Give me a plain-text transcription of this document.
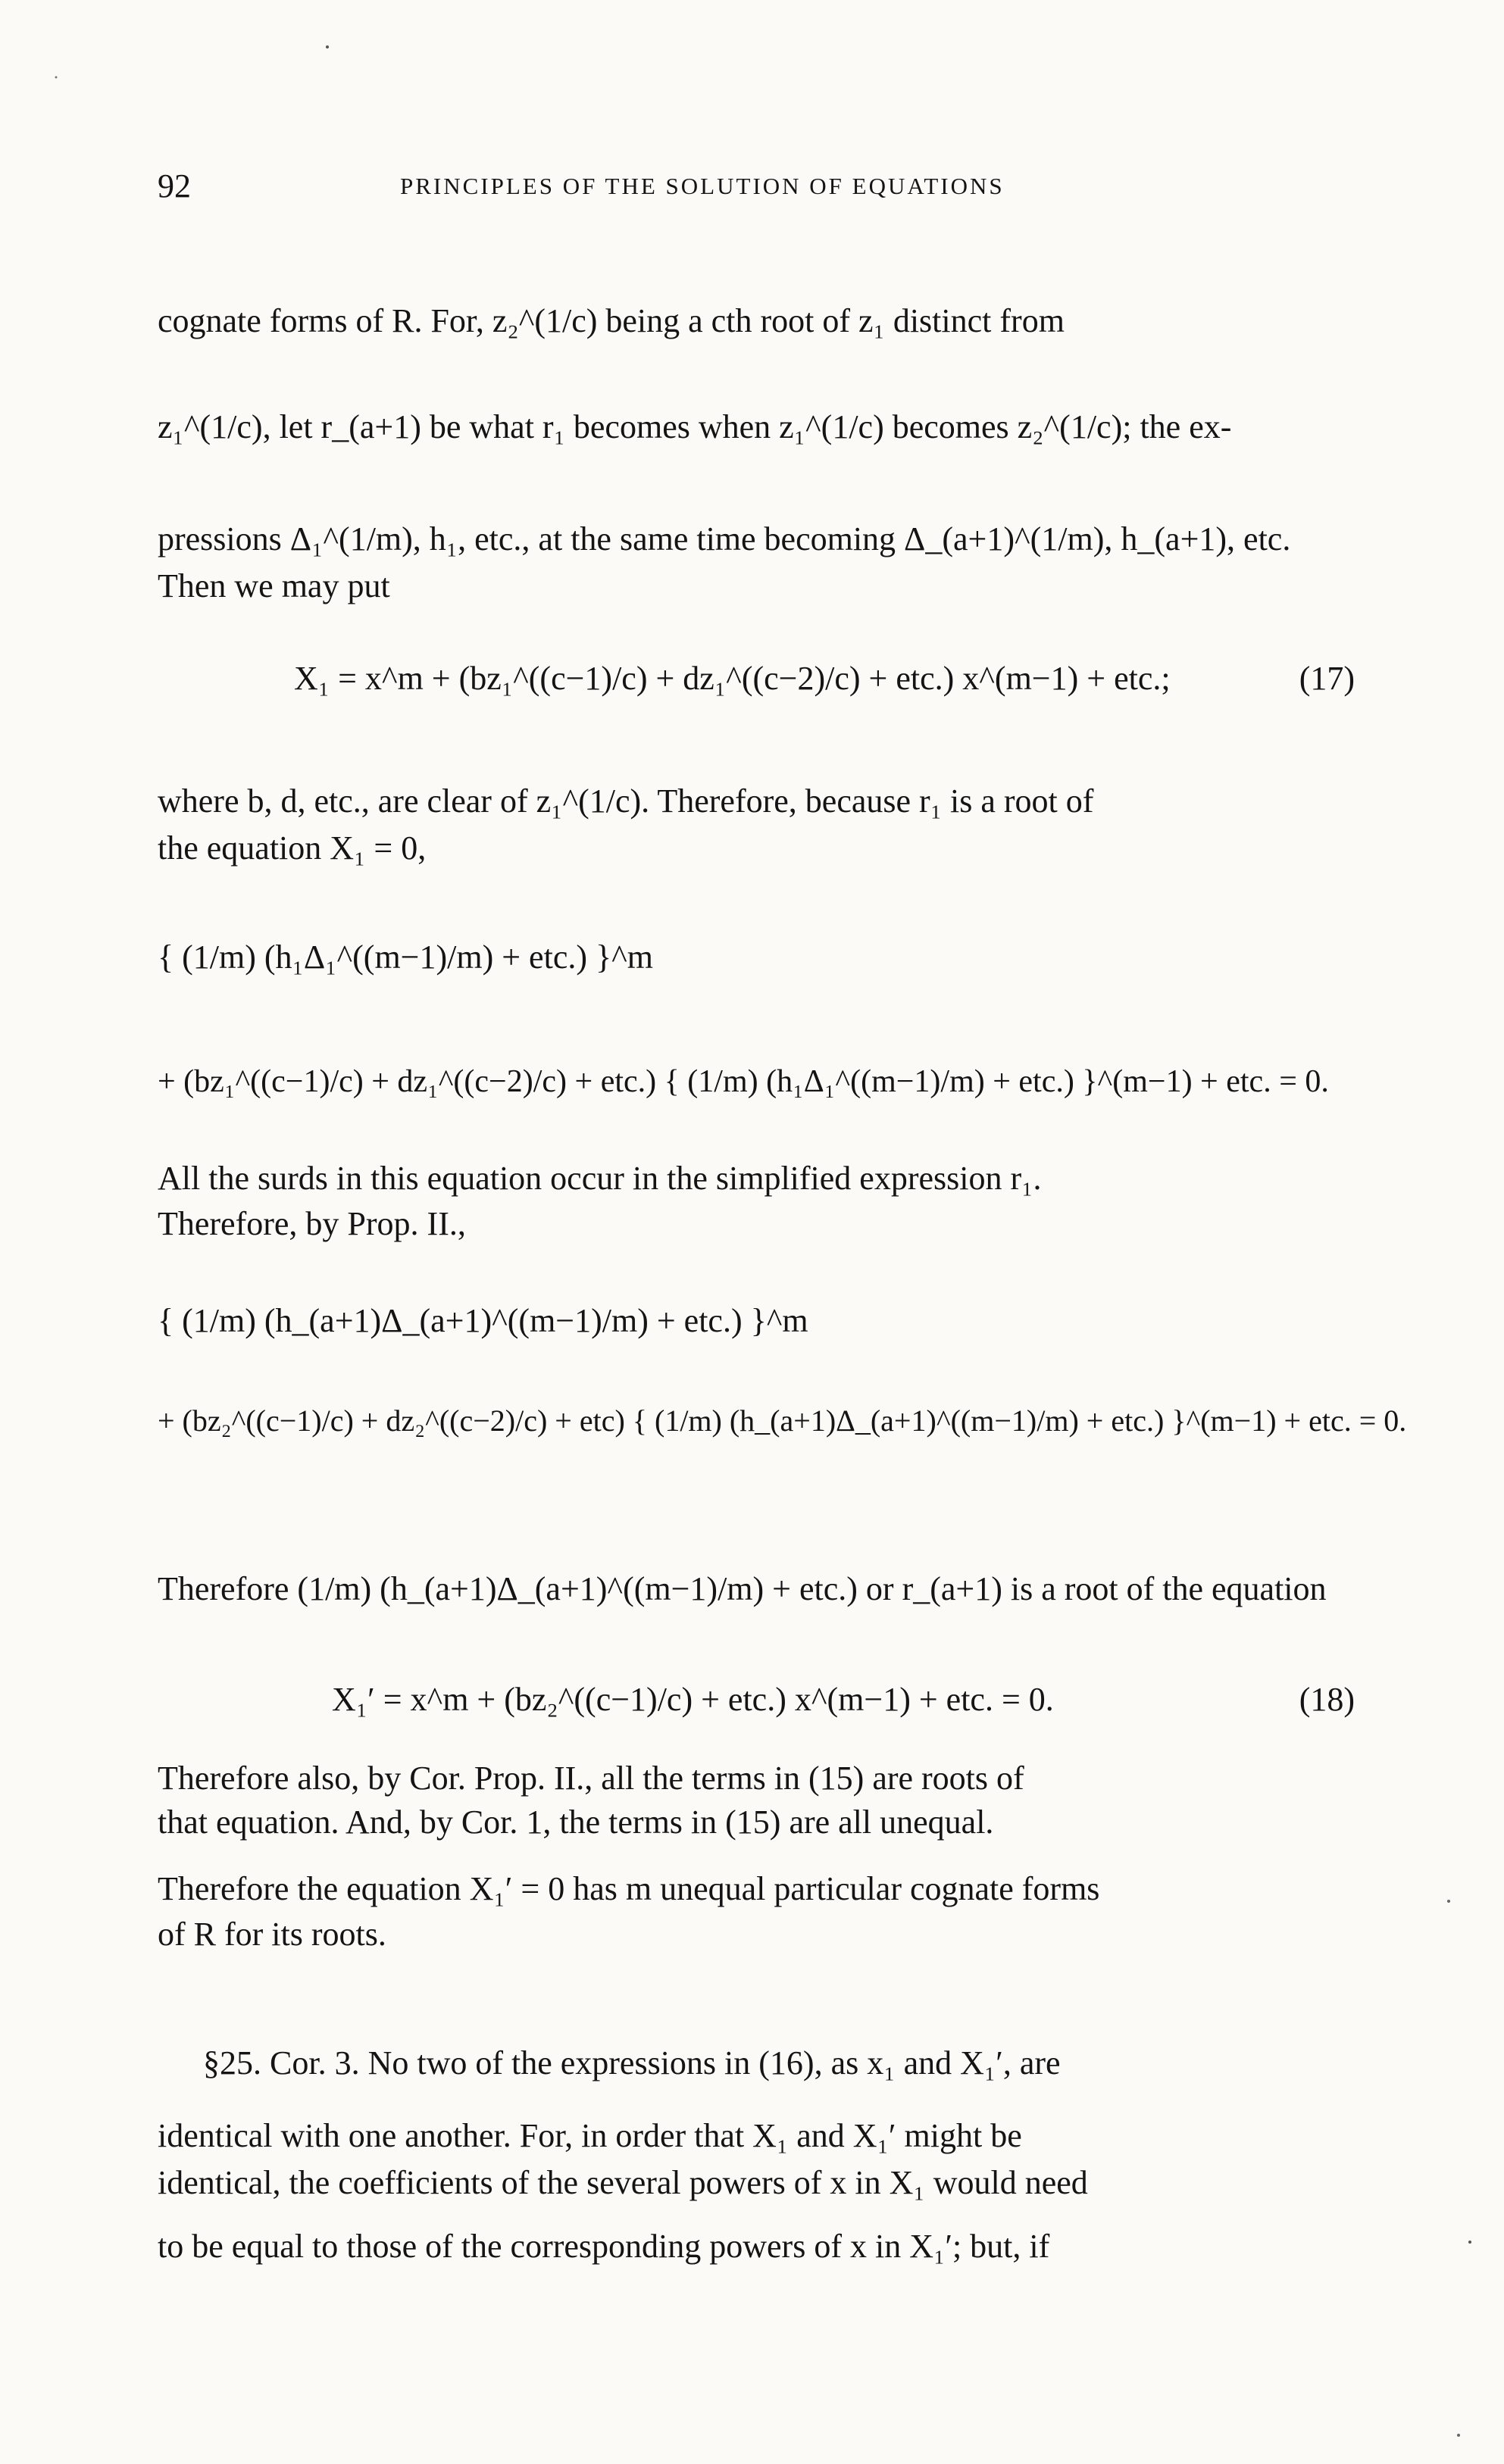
92	PRINCIPLES OF THE SOLUTION OF EQUATIONS
cognate forms of R. For, z₂^(1/c) being a cth root of z₁ distinct from
z₁^(1/c), let r_(a+1) be what r₁ becomes when z₁^(1/c) becomes z₂^(1/c); the ex-
pressions Δ₁^(1/m), h₁, etc., at the same time becoming Δ_(a+1)^(1/m), h_(a+1), etc.
Then we may put
X₁ = x^m + (bz₁^((c−1)/c) + dz₁^((c−2)/c) + etc.) x^(m−1) + etc.;	(17)
where b, d, etc., are clear of z₁^(1/c). Therefore, because r₁ is a root of
the equation X₁ = 0,
{ (1/m) (h₁Δ₁^((m−1)/m) + etc.) }^m
+ (bz₁^((c−1)/c) + dz₁^((c−2)/c) + etc.) { (1/m) (h₁Δ₁^((m−1)/m) + etc.) }^(m−1) + etc. = 0.
All the surds in this equation occur in the simplified expression r₁.
Therefore, by Prop. II.,
{ (1/m) (h_(a+1)Δ_(a+1)^((m−1)/m) + etc.) }^m
+ (bz₂^((c−1)/c) + dz₂^((c−2)/c) + etc) { (1/m) (h_(a+1)Δ_(a+1)^((m−1)/m) + etc.) }^(m−1) + etc. = 0.
Therefore (1/m) (h_(a+1)Δ_(a+1)^((m−1)/m) + etc.) or r_(a+1) is a root of the equation
X₁′ = x^m + (bz₂^((c−1)/c) + etc.) x^(m−1) + etc. = 0.	(18)
Therefore also, by Cor. Prop. II., all the terms in (15) are roots of
that equation. And, by Cor. 1, the terms in (15) are all unequal.
Therefore the equation X₁′ = 0 has m unequal particular cognate forms
of R for its roots.
§25. Cor. 3. No two of the expressions in (16), as x₁ and X₁′, are
identical with one another. For, in order that X₁ and X₁′ might be
identical, the coefficients of the several powers of x in X₁ would need
to be equal to those of the corresponding powers of x in X₁′; but, if
